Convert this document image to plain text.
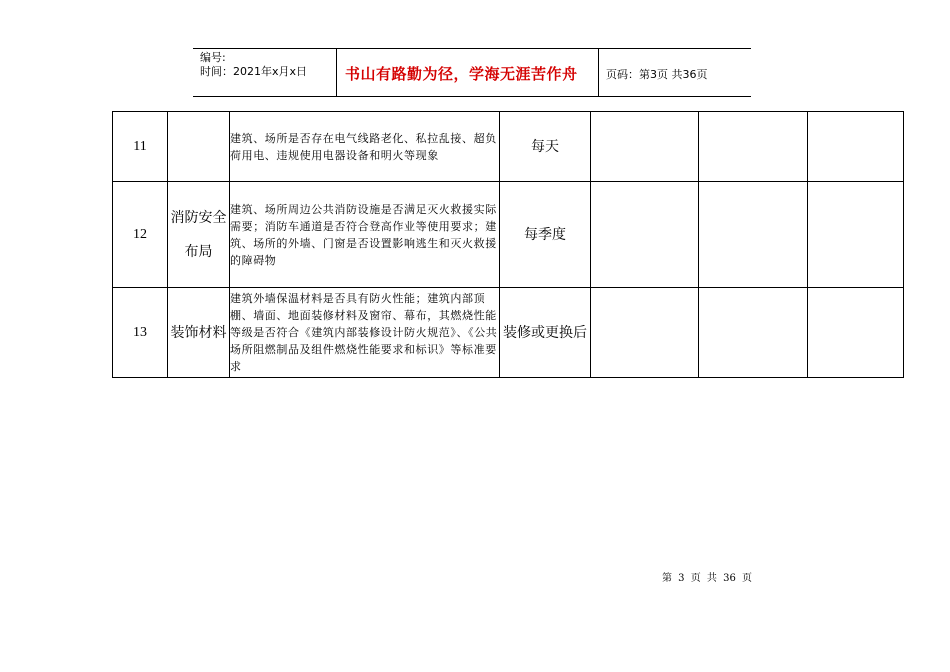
编号:
时间：2021年x月x日	书山有路勤为径，学海无涯苦作舟	页码：第3页 共36页
11		建筑、场所是否存在电气线路老化、私拉乱接、超负荷用电、违规使用电器设备和明火等现象	每天			
12	消防安全布局	建筑、场所周边公共消防设施是否满足灭火救援实际需要；消防车通道是否符合登高作业等使用要求；建筑、场所的外墙、门窗是否设置影响逃生和灭火救援的障碍物	每季度			
13	装饰材料	建筑外墙保温材料是否具有防火性能；建筑内部顶棚、墙面、地面装修材料及窗帘、幕布，其燃烧性能等级是否符合《建筑内部装修设计防火规范》、《公共场所阻燃制品及组件燃烧性能要求和标识》等标准要求	装修或更换后			
第 3 页 共 36 页
